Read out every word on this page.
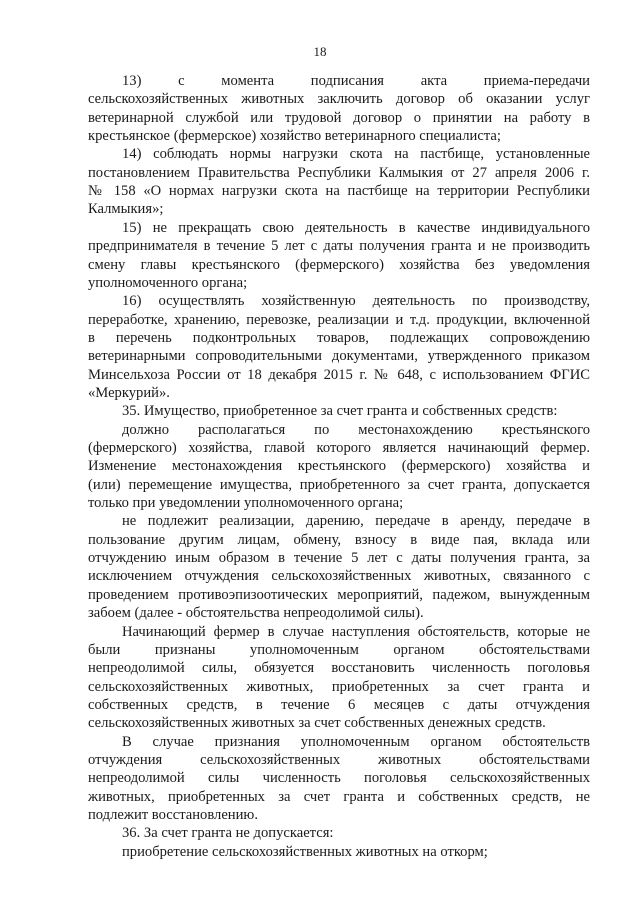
18
13) с момента подписания акта приема-передачи
сельскохозяйственных животных заключить договор об оказании услуг
ветеринарной службой или трудовой договор о принятии на работу в
крестьянское (фермерское) хозяйство ветеринарного специалиста;
14) соблюдать нормы нагрузки скота на пастбище, установленные
постановлением Правительства Республики Калмыкия от 27 апреля 2006 г.
№ 158 «О нормах нагрузки скота на пастбище на территории Республики
Калмыкия»;
15) не прекращать свою деятельность в качестве индивидуального
предпринимателя в течение 5 лет с даты получения гранта и не производить
смену главы крестьянского (фермерского) хозяйства без уведомления
уполномоченного органа;
16) осуществлять хозяйственную деятельность по производству,
переработке, хранению, перевозке, реализации и т.д. продукции, включенной
в перечень подконтрольных товаров, подлежащих сопровождению
ветеринарными сопроводительными документами, утвержденного приказом
Минсельхоза России от 18 декабря 2015 г. № 648, с использованием ФГИС
«Меркурий».
35. Имущество, приобретенное за счет гранта и собственных средств:
должно располагаться по местонахождению крестьянского
(фермерского) хозяйства, главой которого является начинающий фермер.
Изменение местонахождения крестьянского (фермерского) хозяйства и
(или) перемещение имущества, приобретенного за счет гранта, допускается
только при уведомлении уполномоченного органа;
не подлежит реализации, дарению, передаче в аренду, передаче в
пользование другим лицам, обмену, взносу в виде пая, вклада или
отчуждению иным образом в течение 5 лет с даты получения гранта, за
исключением отчуждения сельскохозяйственных животных, связанного с
проведением противоэпизоотических мероприятий, падежом, вынужденным
забоем (далее - обстоятельства непреодолимой силы).
Начинающий фермер в случае наступления обстоятельств, которые не
были признаны уполномоченным органом обстоятельствами
непреодолимой силы, обязуется восстановить численность поголовья
сельскохозяйственных животных, приобретенных за счет гранта и
собственных средств, в течение 6 месяцев с даты отчуждения
сельскохозяйственных животных за счет собственных денежных средств.
В случае признания уполномоченным органом обстоятельств
отчуждения сельскохозяйственных животных обстоятельствами
непреодолимой силы численность поголовья сельскохозяйственных
животных, приобретенных за счет гранта и собственных средств, не
подлежит восстановлению.
36. За счет гранта не допускается:
приобретение сельскохозяйственных животных на откорм;
